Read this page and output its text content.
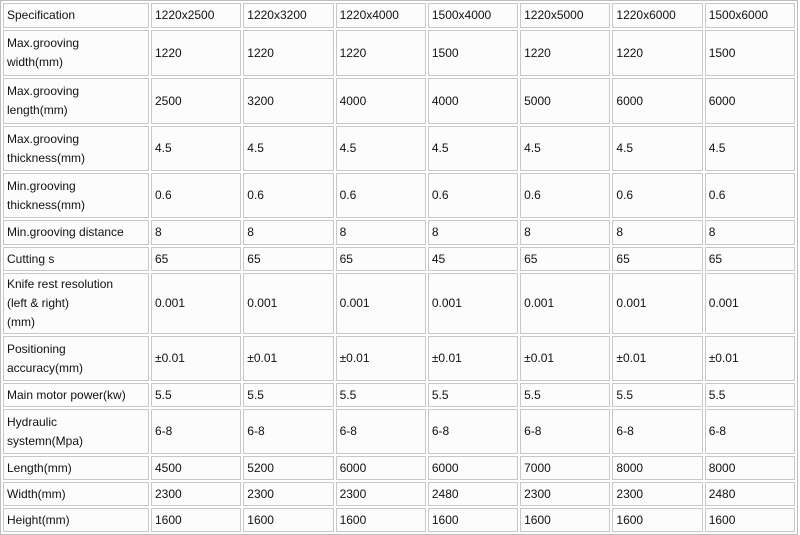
Specification	1220x2500	1220x3200	1220x4000	1500x4000	1220x5000	1220x6000	1500x6000
Max.grooving
width(mm)	1220	1220	1220	1500	1220	1220	1500
Max.grooving
length(mm)	2500	3200	4000	4000	5000	6000	6000
Max.grooving
thickness(mm)	4.5	4.5	4.5	4.5	4.5	4.5	4.5
Min.grooving
thickness(mm)	0.6	0.6	0.6	0.6	0.6	0.6	0.6
Min.grooving distance	8	8	8	8	8	8	8
Cutting s	65	65	65	45	65	65	65
Knife rest resolution
(left & right)
(mm)	0.001	0.001	0.001	0.001	0.001	0.001	0.001
Positioning
accuracy(mm)	±0.01	±0.01	±0.01	±0.01	±0.01	±0.01	±0.01
Main motor power(kw)	5.5	5.5	5.5	5.5	5.5	5.5	5.5
Hydraulic
systemn(Mpa)	6-8	6-8	6-8	6-8	6-8	6-8	6-8
Length(mm)	4500	5200	6000	6000	7000	8000	8000
Width(mm)	2300	2300	2300	2480	2300	2300	2480
Height(mm)	1600	1600	1600	1600	1600	1600	1600
